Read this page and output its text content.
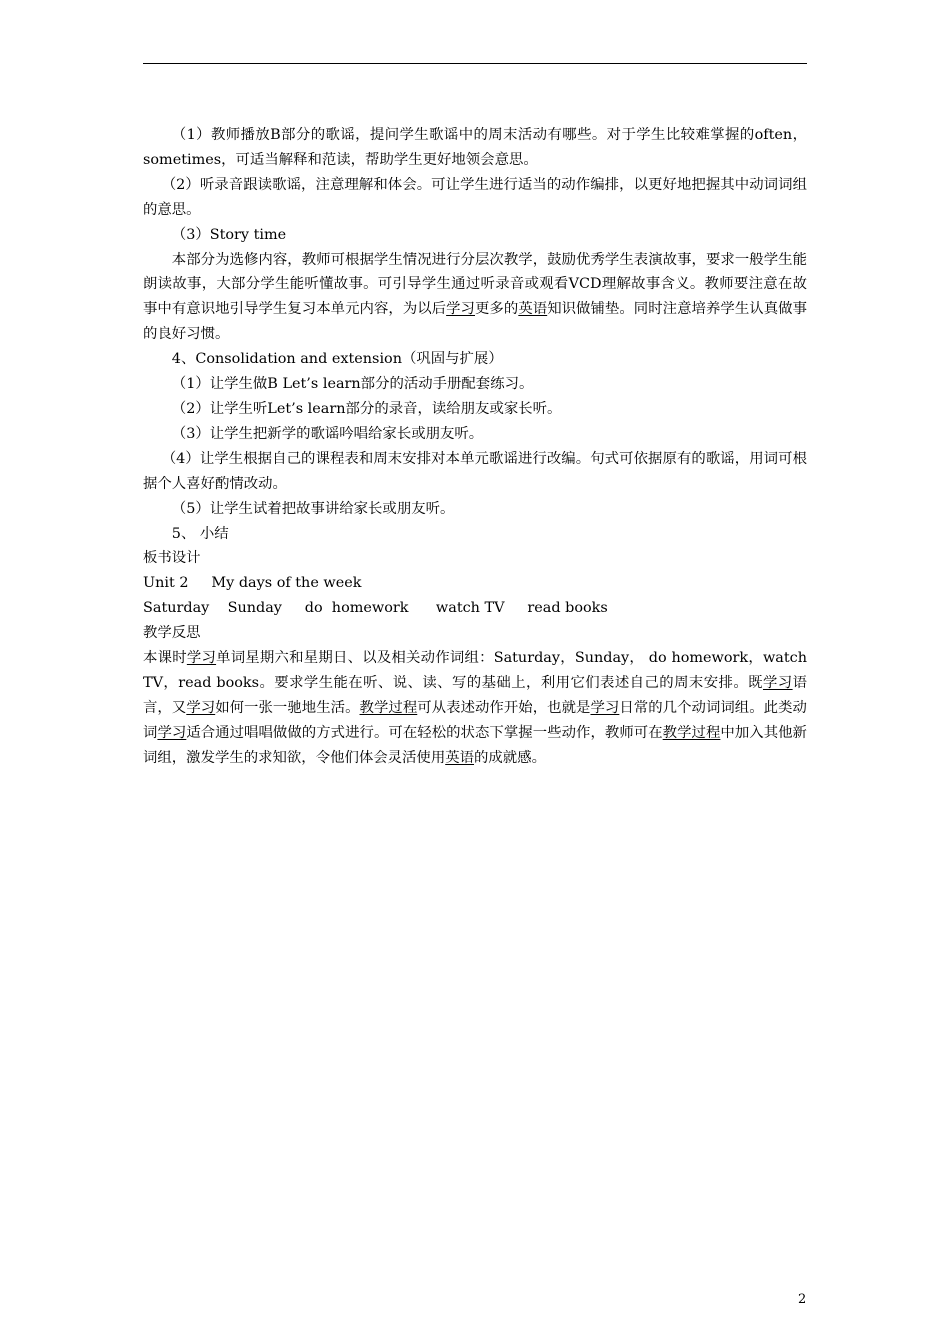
（1）教师播放B部分的歌谣，提问学生歌谣中的周末活动有哪些。对于学生比较难掌握的often，sometimes，可适当解释和范读，帮助学生更好地领会意思。

（2）听录音跟读歌谣，注意理解和体会。可让学生进行适当的动作编排，以更好地把握其中动词词组的意思。

（3）Story time

本部分为选修内容，教师可根据学生情况进行分层次教学，鼓励优秀学生表演故事，要求一般学生能朗读故事，大部分学生能听懂故事。可引导学生通过听录音或观看VCD理解故事含义。教师要注意在故事中有意识地引导学生复习本单元内容，为以后学习更多的英语知识做铺垫。同时注意培养学生认真做事的良好习惯。

4、Consolidation and extension（巩固与扩展）

（1）让学生做B Let’s learn部分的活动手册配套练习。

（2）让学生听Let’s learn部分的录音，读给朋友或家长听。

（3）让学生把新学的歌谣吟唱给家长或朋友听。

（4）让学生根据自己的课程表和周末安排对本单元歌谣进行改编。句式可依据原有的歌谣，用词可根据个人喜好酌情改动。

（5）让学生试着把故事讲给家长或朋友听。

5、 小结

板书设计

Unit 2     My days of the week

Saturday    Sunday     do  homework      watch TV     read books

教学反思

本课时学习单词星期六和星期日、以及相关动作词组：Saturday，Sunday， do homework，watch TV，read books。要求学生能在听、说、读、写的基础上，利用它们表述自己的周末安排。既学习语言，又学习如何一张一驰地生活。教学过程可从表述动作开始，也就是学习日常的几个动词词组。此类动词学习适合通过唱唱做做的方式进行。可在轻松的状态下掌握一些动作，教师可在教学过程中加入其他新词组，激发学生的求知欲，令他们体会灵活使用英语的成就感。

2
